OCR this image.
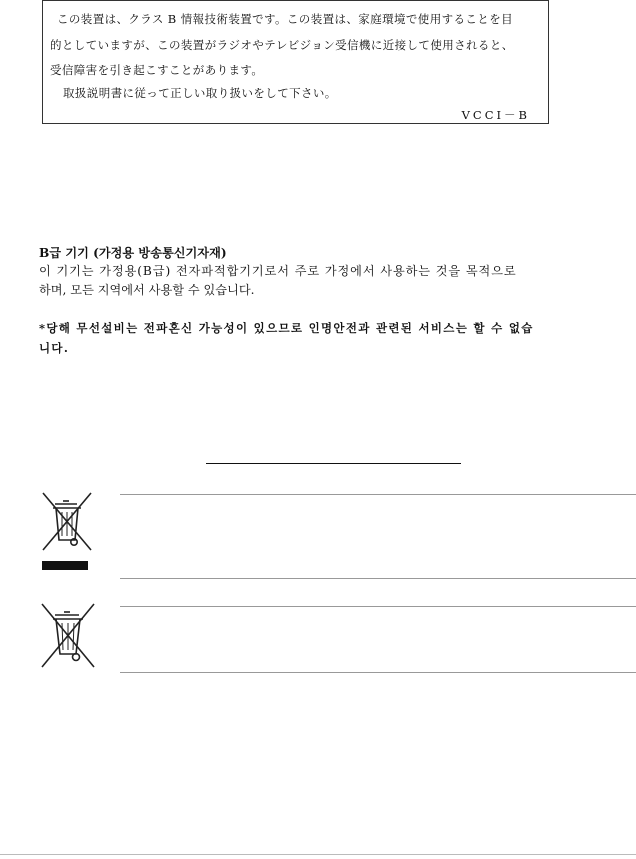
この装置は、クラス B 情報技術装置です。この装置は、家庭環境で使用することを目
的としていますが、この装置がラジオやテレビジョン受信機に近接して使用されると、
受信障害を引き起こすことがあります。
取扱説明書に従って正しい取り扱いをして下さい。
VCCI－B
B급 기기 (가정용 방송통신기자재)
이 기기는 가정용(B급) 전자파적합기기로서 주로 가정에서 사용하는 것을 목적으로
하며, 모든 지역에서 사용할 수 있습니다.
*당해 무선설비는 전파혼신 가능성이 있으므로 인명안전과 관련된 서비스는 할 수 없습
니다.
